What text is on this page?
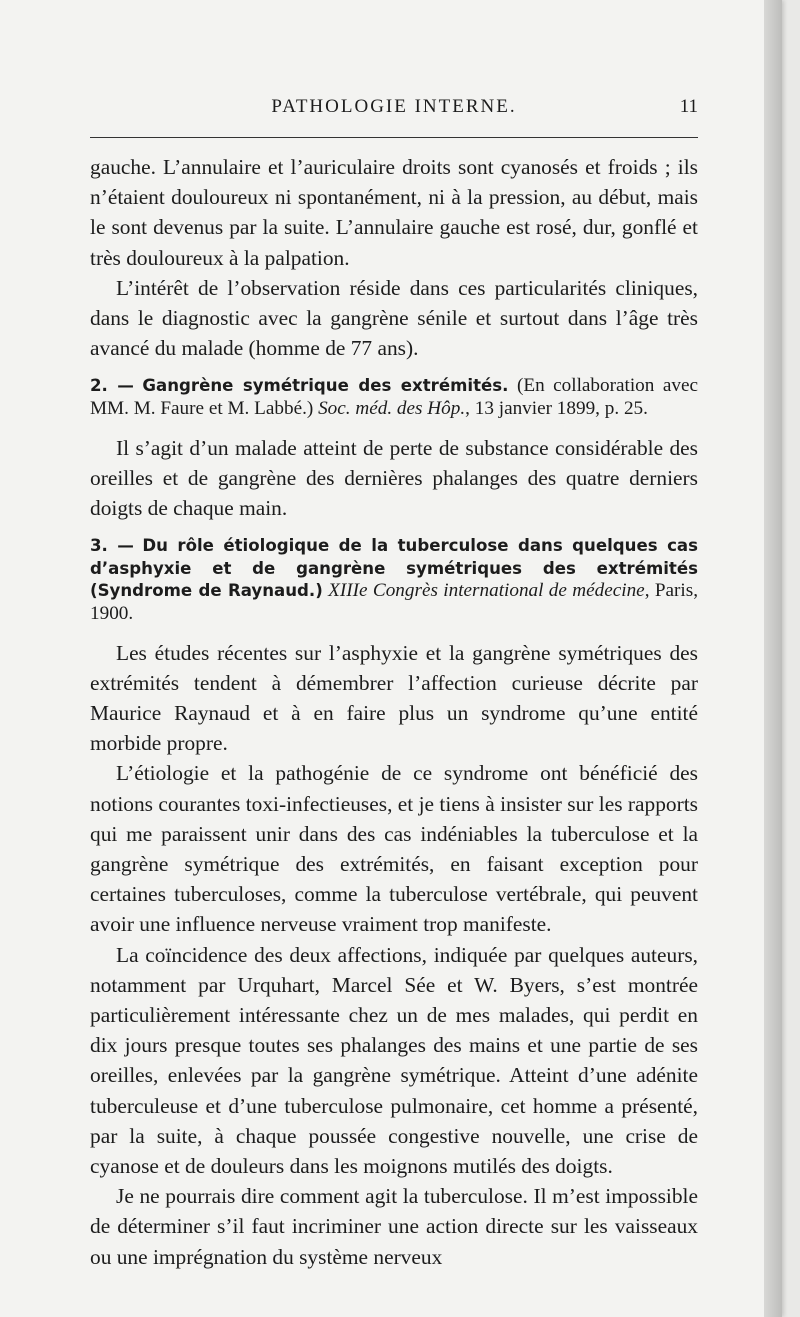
PATHOLOGIE INTERNE.	11

gauche. L’annulaire et l’auriculaire droits sont cyanosés et froids ; ils n’étaient douloureux ni spontanément, ni à la pression, au début, mais le sont devenus par la suite. L’annulaire gauche est rosé, dur, gonflé et très douloureux à la palpation.

L’intérêt de l’observation réside dans ces particularités cliniques, dans le diagnostic avec la gangrène sénile et surtout dans l’âge très avancé du malade (homme de 77 ans).

2. — Gangrène symétrique des extrémités. (En collaboration avec MM. M. Faure et M. Labbé.) Soc. méd. des Hôp., 13 janvier 1899, p. 25.

Il s’agit d’un malade atteint de perte de substance considérable des oreilles et de gangrène des dernières phalanges des quatre derniers doigts de chaque main.

3. — Du rôle étiologique de la tuberculose dans quelques cas d’asphyxie et de gangrène symétriques des extrémités (Syndrome de Raynaud.) XIIIe Congrès international de médecine, Paris, 1900.

Les études récentes sur l’asphyxie et la gangrène symétriques des extrémités tendent à démembrer l’affection curieuse décrite par Maurice Raynaud et à en faire plus un syndrome qu’une entité morbide propre.

L’étiologie et la pathogénie de ce syndrome ont bénéficié des notions courantes toxi-infectieuses, et je tiens à insister sur les rapports qui me paraissent unir dans des cas indéniables la tuberculose et la gangrène symétrique des extrémités, en faisant exception pour certaines tuberculoses, comme la tuberculose vertébrale, qui peuvent avoir une influence nerveuse vraiment trop manifeste.

La coïncidence des deux affections, indiquée par quelques auteurs, notamment par Urquhart, Marcel Sée et W. Byers, s’est montrée particulièrement intéressante chez un de mes malades, qui perdit en dix jours presque toutes ses phalanges des mains et une partie de ses oreilles, enlevées par la gangrène symétrique. Atteint d’une adénite tuberculeuse et d’une tuberculose pulmonaire, cet homme a présenté, par la suite, à chaque poussée congestive nouvelle, une crise de cyanose et de douleurs dans les moignons mutilés des doigts.

Je ne pourrais dire comment agit la tuberculose. Il m’est impossible de déterminer s’il faut incriminer une action directe sur les vaisseaux ou une imprégnation du système nerveux
